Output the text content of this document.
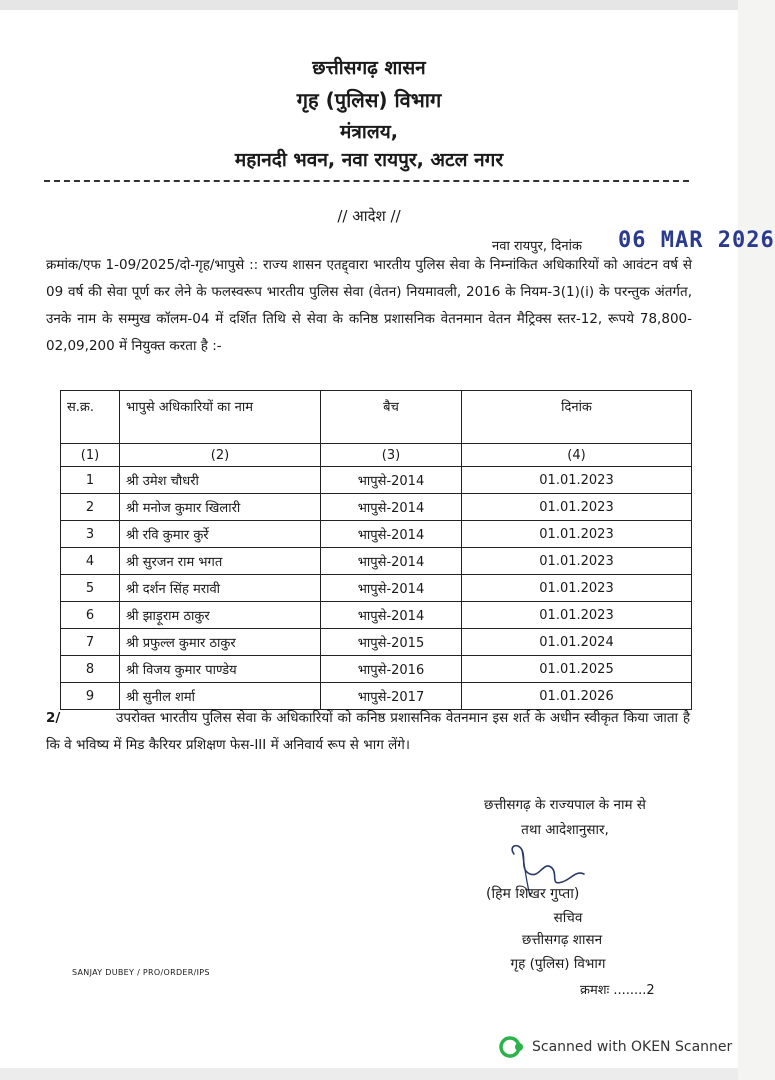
छत्तीसगढ़ शासन
गृह (पुलिस) विभाग
मंत्रालय,
महानदी भवन, नवा रायपुर, अटल नगर
// आदेश //
नवा रायपुर, दिनांक 06 MAR 2026
क्रमांक/एफ 1-09/2025/दो-गृह/भापुसे :: राज्य शासन एतद्द्वारा भारतीय पुलिस सेवा के निम्नांकित अधिकारियों को आवंटन वर्ष से 09 वर्ष की सेवा पूर्ण कर लेने के फलस्वरूप भारतीय पुलिस सेवा (वेतन) नियमावली, 2016 के नियम-3(1)(i) के परन्तुक अंतर्गत, उनके नाम के सम्मुख कॉलम-04 में दर्शित तिथि से सेवा के कनिष्ठ प्रशासनिक वेतनमान वेतन मैट्रिक्स स्तर-12, रूपये 78,800-02,09,200 में नियुक्त करता है :-
स.क्र.	भापुसे अधिकारियों का नाम	बैच	दिनांक
(1)	(2)	(3)	(4)
1	श्री उमेश चौधरी	भापुसे-2014	01.01.2023
2	श्री मनोज कुमार खिलारी	भापुसे-2014	01.01.2023
3	श्री रवि कुमार कुर्रे	भापुसे-2014	01.01.2023
4	श्री सुरजन राम भगत	भापुसे-2014	01.01.2023
5	श्री दर्शन सिंह मरावी	भापुसे-2014	01.01.2023
6	श्री झाड़ूराम ठाकुर	भापुसे-2014	01.01.2023
7	श्री प्रफुल्ल कुमार ठाकुर	भापुसे-2015	01.01.2024
8	श्री विजय कुमार पाण्डेय	भापुसे-2016	01.01.2025
9	श्री सुनील शर्मा	भापुसे-2017	01.01.2026
2/	उपरोक्त भारतीय पुलिस सेवा के अधिकारियों को कनिष्ठ प्रशासनिक वेतनमान इस शर्त के अधीन स्वीकृत किया जाता है कि वे भविष्य में मिड कैरियर प्रशिक्षण फेस-III में अनिवार्य रूप से भाग लेंगे।
छत्तीसगढ़ के राज्यपाल के नाम से
तथा आदेशानुसार,
(हिम शिखर गुप्ता)
सचिव
छत्तीसगढ़ शासन
गृह (पुलिस) विभाग
SANJAY DUBEY / PRO/ORDER/IPS
क्रमशः ........2
Scanned with OKEN Scanner
